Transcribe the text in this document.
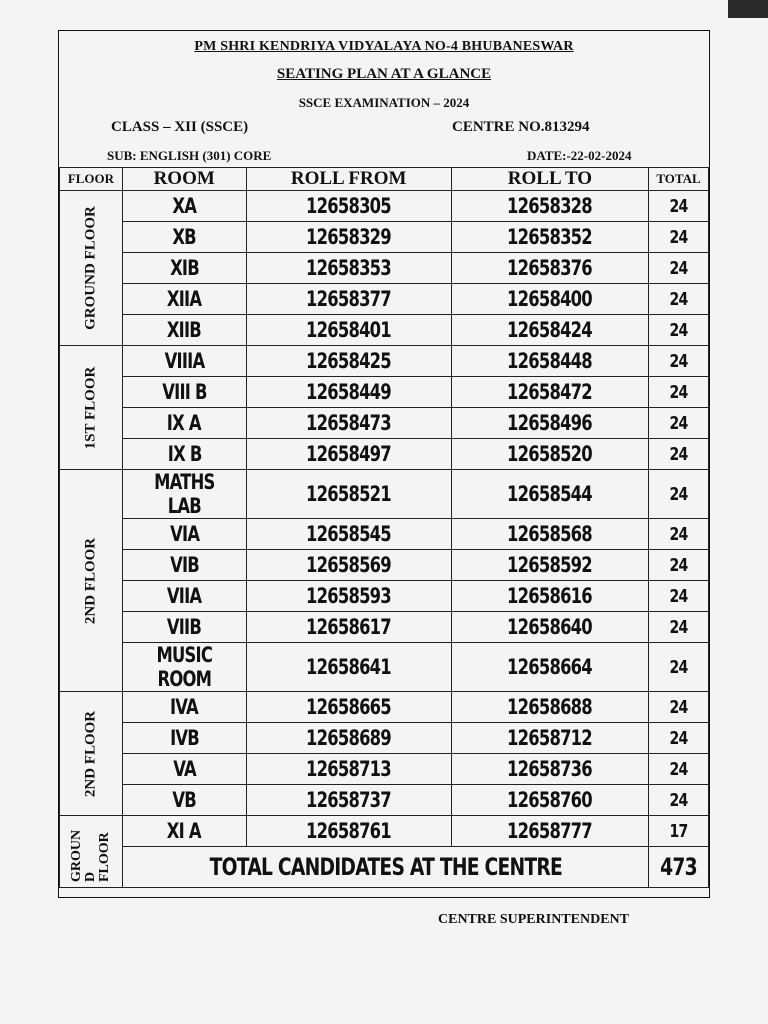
PM SHRI KENDRIYA VIDYALAYA NO-4 BHUBANESWAR
SEATING PLAN AT A GLANCE
SSCE EXAMINATION – 2024
CLASS – XII (SSCE)	CENTRE NO.813294
SUB: ENGLISH (301) CORE	DATE:-22-02-2024
FLOOR	ROOM	ROLL FROM	ROLL TO	TOTAL

GROUND FLOOR	XA	12658305	12658328	24
	XB	12658329	12658352	24
	XIB	12658353	12658376	24
	XIIA	12658377	12658400	24
	XIIB	12658401	12658424	24

1ST FLOOR	VIIIA	12658425	12658448	24
	VIII B	12658449	12658472	24
	IX A	12658473	12658496	24
	IX B	12658497	12658520	24

2ND FLOOR	MATHS LAB	12658521	12658544	24
	VIA	12658545	12658568	24
	VIB	12658569	12658592	24
	VIIA	12658593	12658616	24
	VIIB	12658617	12658640	24
	MUSIC ROOM	12658641	12658664	24

2ND FLOOR	IVA	12658665	12658688	24
	IVB	12658689	12658712	24
	VA	12658713	12658736	24
	VB	12658737	12658760	24

GROUN D FLOOR	XI A	12658761	12658777	17
	TOTAL CANDIDATES AT THE CENTRE			473
CENTRE SUPERINTENDENT
